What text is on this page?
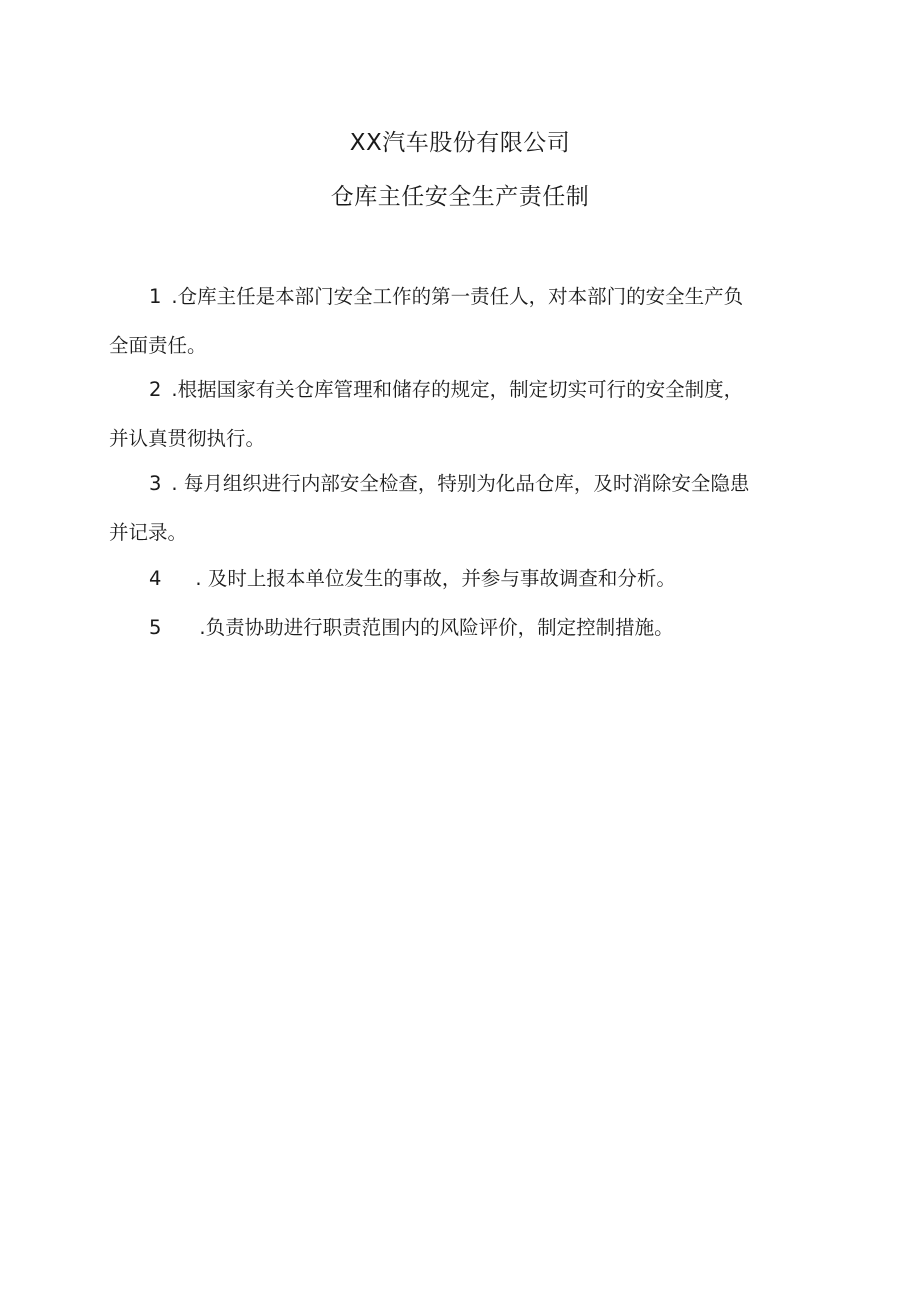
XX汽车股份有限公司
仓库主任安全生产责任制
1 .仓库主任是本部门安全工作的第一责任人，对本部门的安全生产负
全面责任。
2 .根据国家有关仓库管理和储存的规定，制定切实可行的安全制度，
并认真贯彻执行。
3 . 每月组织进行内部安全检查，特别为化品仓库，及时消除安全隐患
并记录。
4 . 及时上报本单位发生的事故，并参与事故调查和分析。
5 .负责协助进行职责范围内的风险评价，制定控制措施。
